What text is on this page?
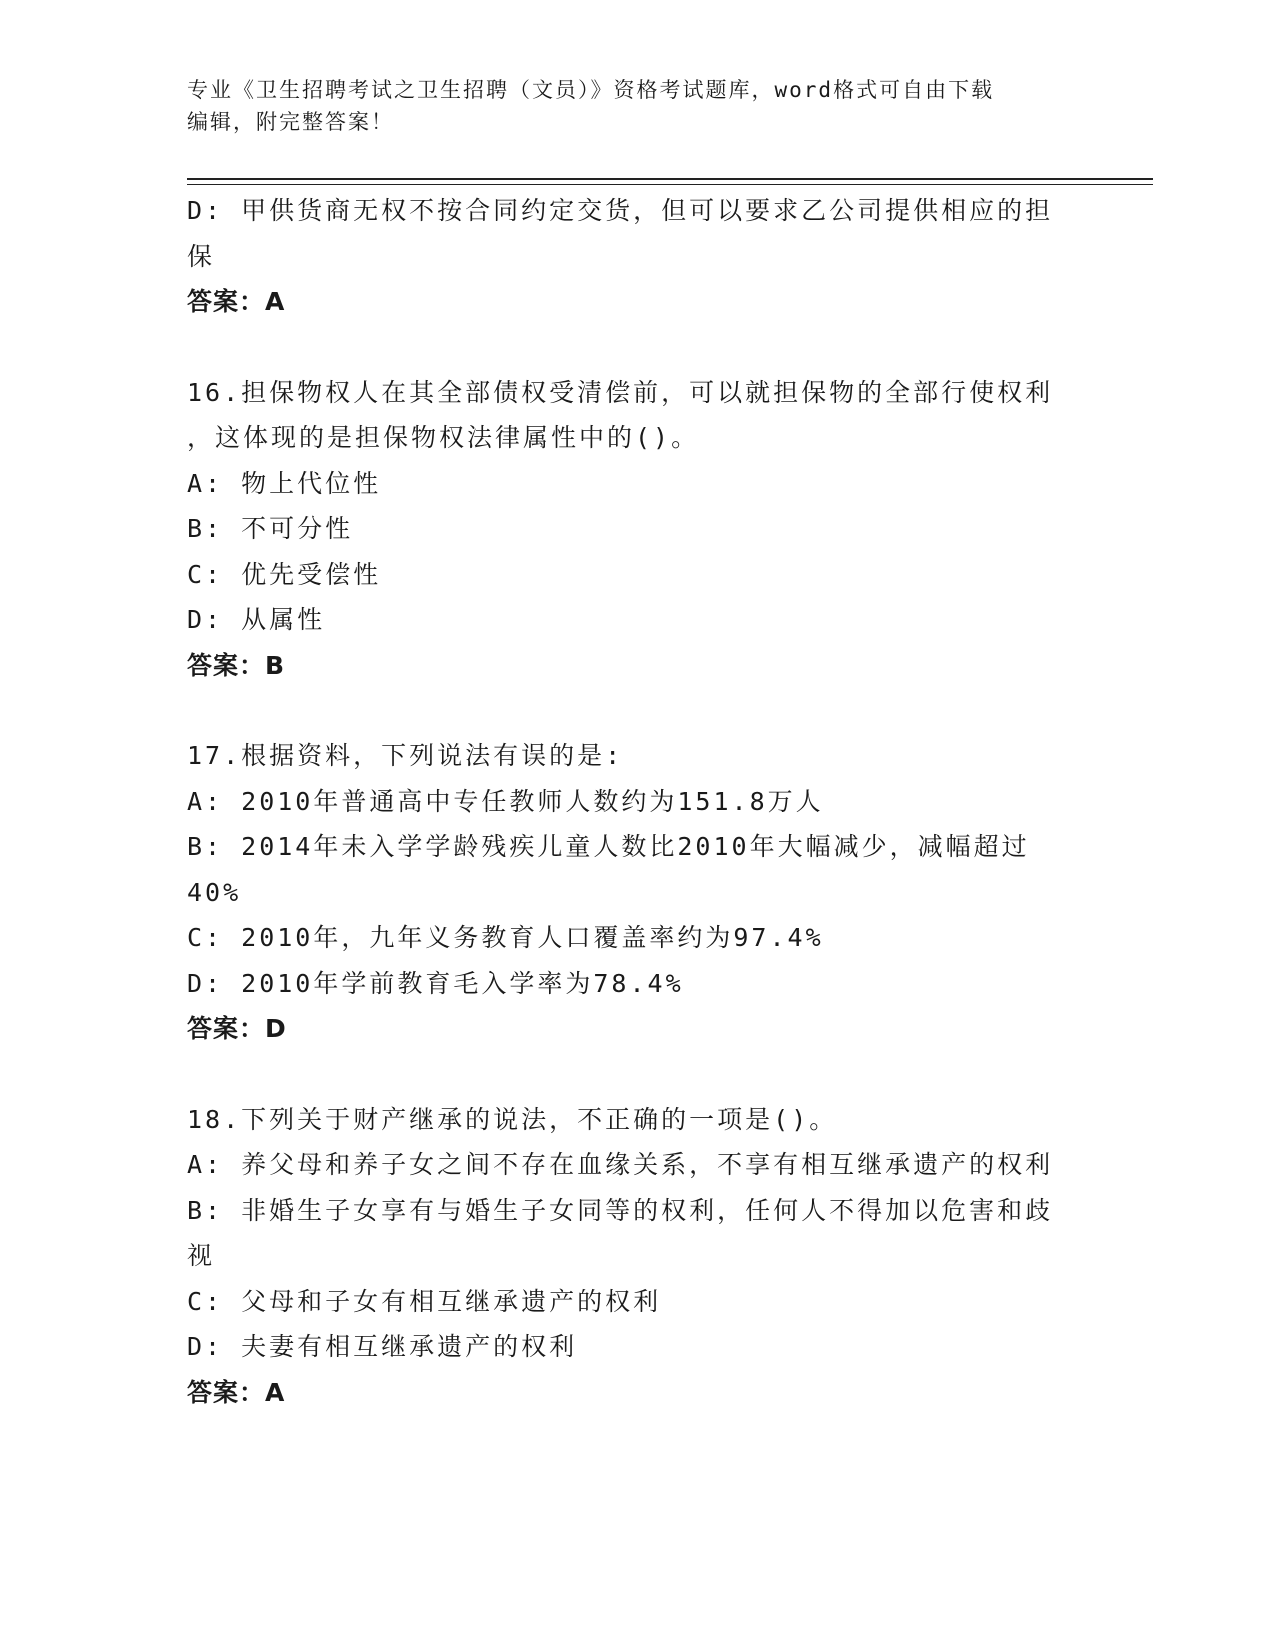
专业《卫生招聘考试之卫生招聘（文员）》资格考试题库，word格式可自由下载

编辑，附完整答案！

D: 甲供货商无权不按合同约定交货，但可以要求乙公司提供相应的担

保

答案：A

16.担保物权人在其全部债权受清偿前，可以就担保物的全部行使权利

，这体现的是担保物权法律属性中的()。

A: 物上代位性

B: 不可分性

C: 优先受偿性

D: 从属性

答案：B

17.根据资料，下列说法有误的是:

A: 2010年普通高中专任教师人数约为151.8万人

B: 2014年未入学学龄残疾儿童人数比2010年大幅减少，减幅超过

40%

C: 2010年，九年义务教育人口覆盖率约为97.4%

D: 2010年学前教育毛入学率为78.4%

答案：D

18.下列关于财产继承的说法，不正确的一项是()。

A: 养父母和养子女之间不存在血缘关系，不享有相互继承遗产的权利

B: 非婚生子女享有与婚生子女同等的权利，任何人不得加以危害和歧

视

C: 父母和子女有相互继承遗产的权利

D: 夫妻有相互继承遗产的权利

答案：A
